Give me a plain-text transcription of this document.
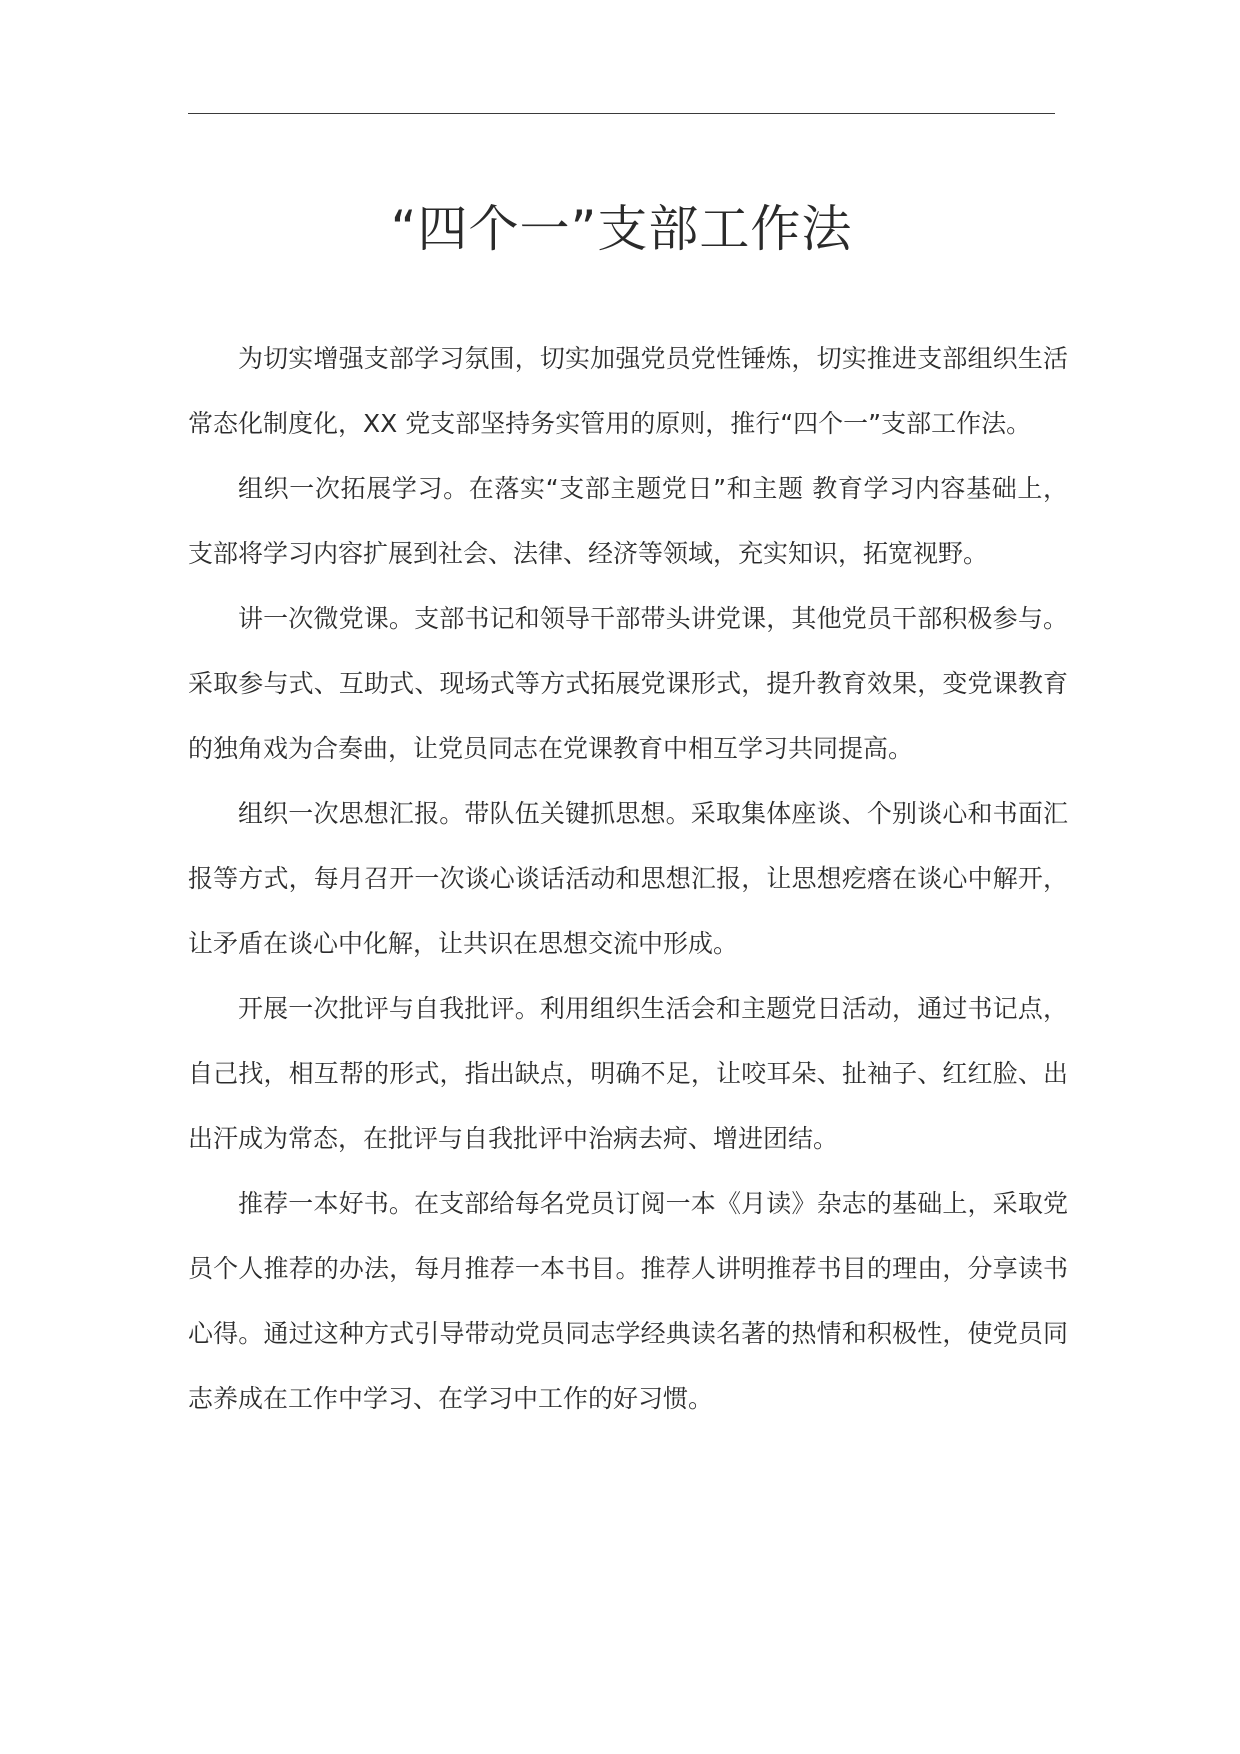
“四个一”支部工作法

为切实增强支部学习氛围，切实加强党员党性锤炼，切实推进支部组织生活常态化制度化，XX 党支部坚持务实管用的原则，推行“四个一”支部工作法。

组织一次拓展学习。在落实“支部主题党日”和主题 教育学习内容基础上，支部将学习内容扩展到社会、法律、经济等领域，充实知识，拓宽视野。

讲一次微党课。支部书记和领导干部带头讲党课，其他党员干部积极参与。采取参与式、互助式、现场式等方式拓展党课形式，提升教育效果，变党课教育的独角戏为合奏曲，让党员同志在党课教育中相互学习共同提高。

组织一次思想汇报。带队伍关键抓思想。采取集体座谈、个别谈心和书面汇报等方式，每月召开一次谈心谈话活动和思想汇报，让思想疙瘩在谈心中解开，让矛盾在谈心中化解，让共识在思想交流中形成。

开展一次批评与自我批评。利用组织生活会和主题党日活动，通过书记点，自己找，相互帮的形式，指出缺点，明确不足，让咬耳朵、扯袖子、红红脸、出出汗成为常态，在批评与自我批评中治病去疴、增进团结。

推荐一本好书。在支部给每名党员订阅一本《月读》杂志的基础上，采取党员个人推荐的办法，每月推荐一本书目。推荐人讲明推荐书目的理由，分享读书心得。通过这种方式引导带动党员同志学经典读名著的热情和积极性，使党员同志养成在工作中学习、在学习中工作的好习惯。
